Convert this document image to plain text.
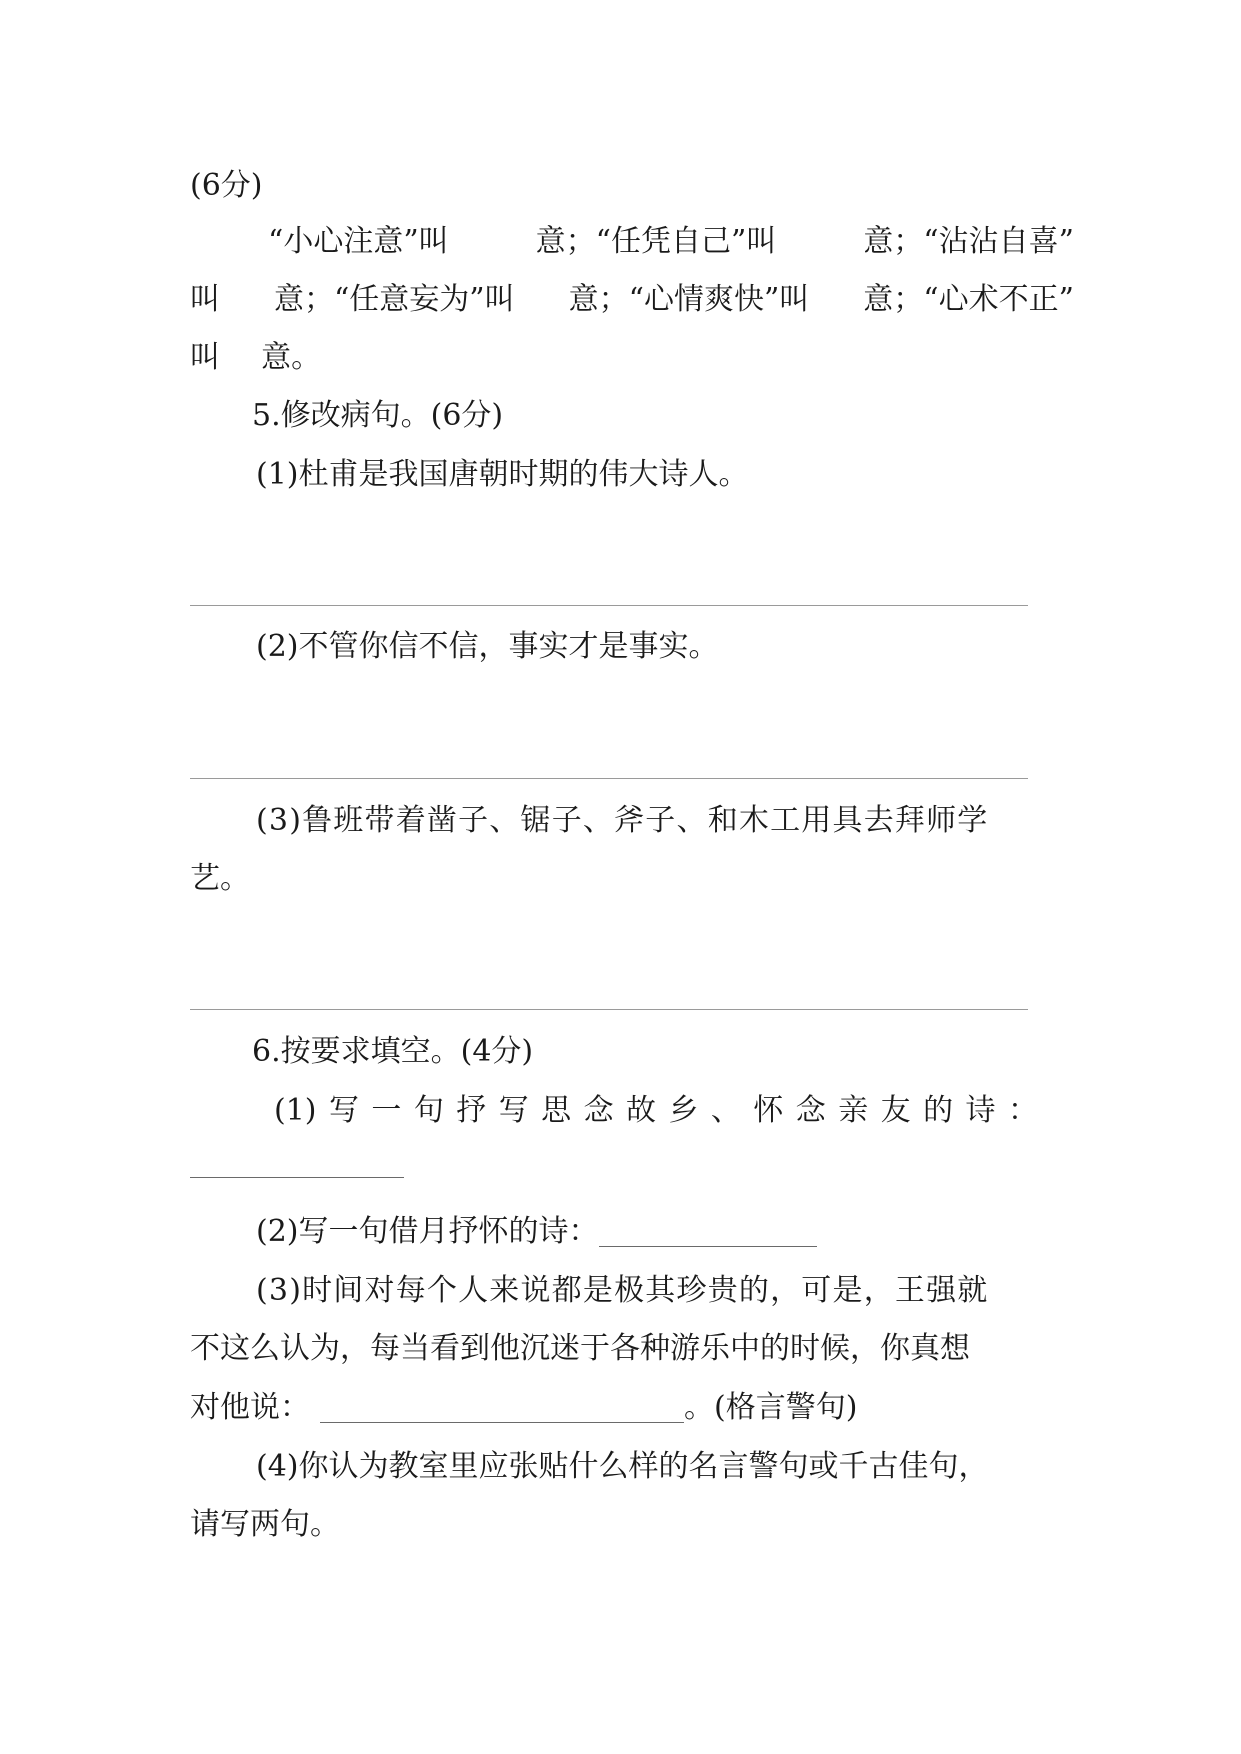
(6分)
“小心注意”叫	意；“任凭自己”叫	意；“沾沾自喜”
叫 意；“任意妄为”叫 意；“心情爽快”叫 意；“心术不正”
叫 意。
5.修改病句。(6分)
(1)杜甫是我国唐朝时期的伟大诗人。
(2)不管你信不信，事实才是事实。
(3)鲁班带着凿子、锯子、斧子、和木工用具去拜师学
艺。
6.按要求填空。(4分)
(1) 写 一 句 抒 写 思 念 故 乡 、 怀 念 亲 友 的 诗 ：
(2)写一句借月抒怀的诗：
(3)时间对每个人来说都是极其珍贵的，可是，王强就
不这么认为，每当看到他沉迷于各种游乐中的时候，你真想
对他说：	。(格言警句)
(4)你认为教室里应张贴什么样的名言警句或千古佳句，
请写两句。
